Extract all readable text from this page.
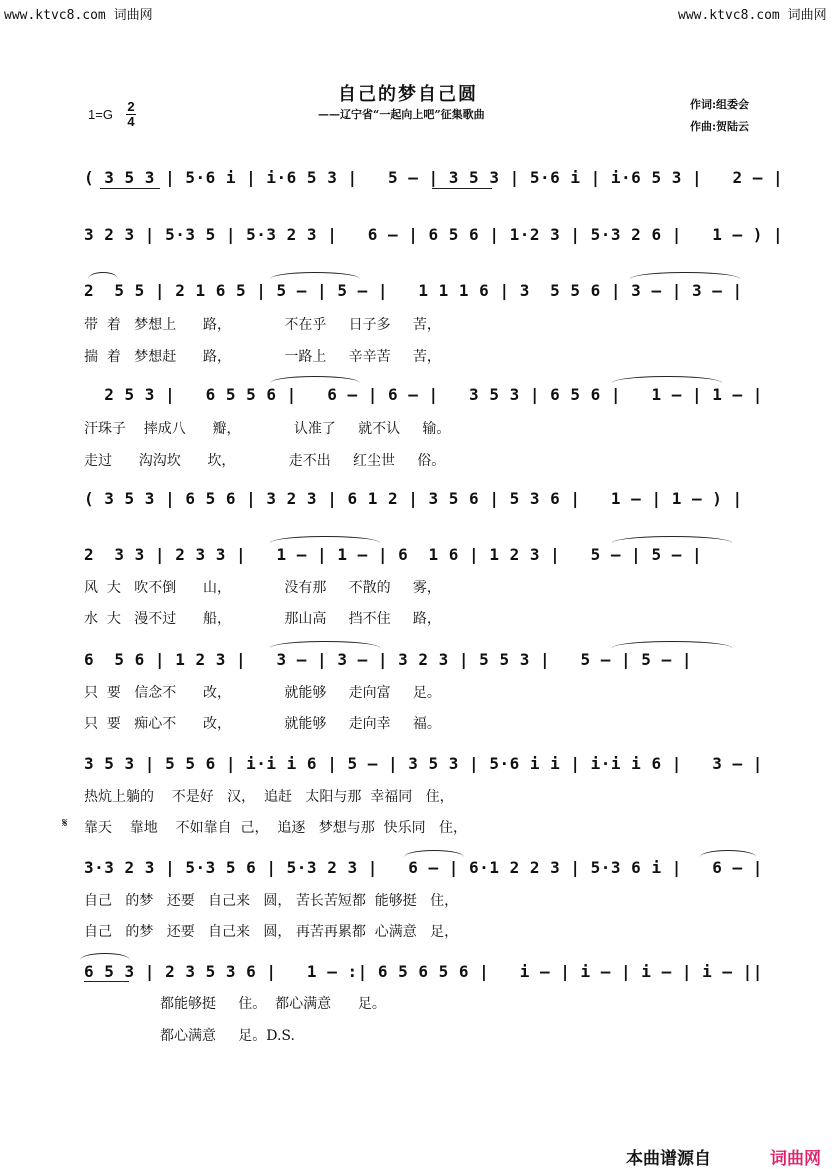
www.ktvc8.com 词曲网	www.ktvc8.com 词曲网
自己的梦自己圆
——辽宁省“一起向上吧”征集歌曲
作词:组委会
作曲:贺陆云
1=G
2
4
( 3 5 3 | 5·6 i | i·6 5 3 |   5 — | 3 5 3 | 5·6 i | i·6 5 3 |   2 — |
3 2 3 | 5·3 5 | 5·3 2 3 |   6 — | 6 5 6 | 1·2 3 | 5·3 2 6 |   1 — ) |
2  5 5 | 2 1 6 5 | 5 — | 5 — |   1 1 1 6 | 3  5 5 6 | 3 — | 3 — |
带  着   梦想上      路，            不在乎     日子多     苦，
揣  着   梦想赶      路，            一路上     辛辛苦     苦，
2 5 3 |   6 5 5 6 |   6 — | 6 — |   3 5 3 | 6 5 6 |   1 — | 1 — |
汗珠子    摔成八      瓣，            认准了     就不认     输。
走过      沟沟坎      坎，            走不出     红尘世     俗。
( 3 5 3 | 6 5 6 | 3 2 3 | 6 1 2 | 3 5 6 | 5 3 6 |   1 — | 1 — ) |
2  3 3 | 2 3 3 |   1 — | 1 — | 6  1 6 | 1 2 3 |   5 — | 5 — |
风  大   吹不倒      山，            没有那     不散的     雾，
水  大   漫不过      船，            那山高     挡不住     路，
6  5 6 | 1 2 3 |   3 — | 3 — | 3 2 3 | 5 5 3 |   5 — | 5 — |
只  要   信念不      改，            就能够     走向富     足。
只  要   痴心不      改，            就能够     走向幸     福。
3 5 3 | 5 5 6 | i·i i 6 | 5 — | 3 5 3 | 5·6 i i | i·i i 6 |   3 — |
热炕上躺的    不是好   汉，  追赶   太阳与那  幸福同   住，
𝄋 靠天    靠地    不如靠自  己，  追逐   梦想与那  快乐同   住，
3·3 2 3 | 5·3 5 6 | 5·3 2 3 |   6 — | 6·1 2 2 3 | 5·3 6 i |   6 — |
自己   的梦   还要   自己来   圆， 苦长苦短都  能够挺   住，
自己   的梦   还要   自己来   圆， 再苦再累都  心满意   足，
6 5 3 | 2 3 5 3 6 |   1 — :| 6 5 6 5 6 |   i — | i — | i — | i — ||
都能够挺     住。  都心满意      足。
都心满意     足。D.S.
本曲谱源自	词曲网
